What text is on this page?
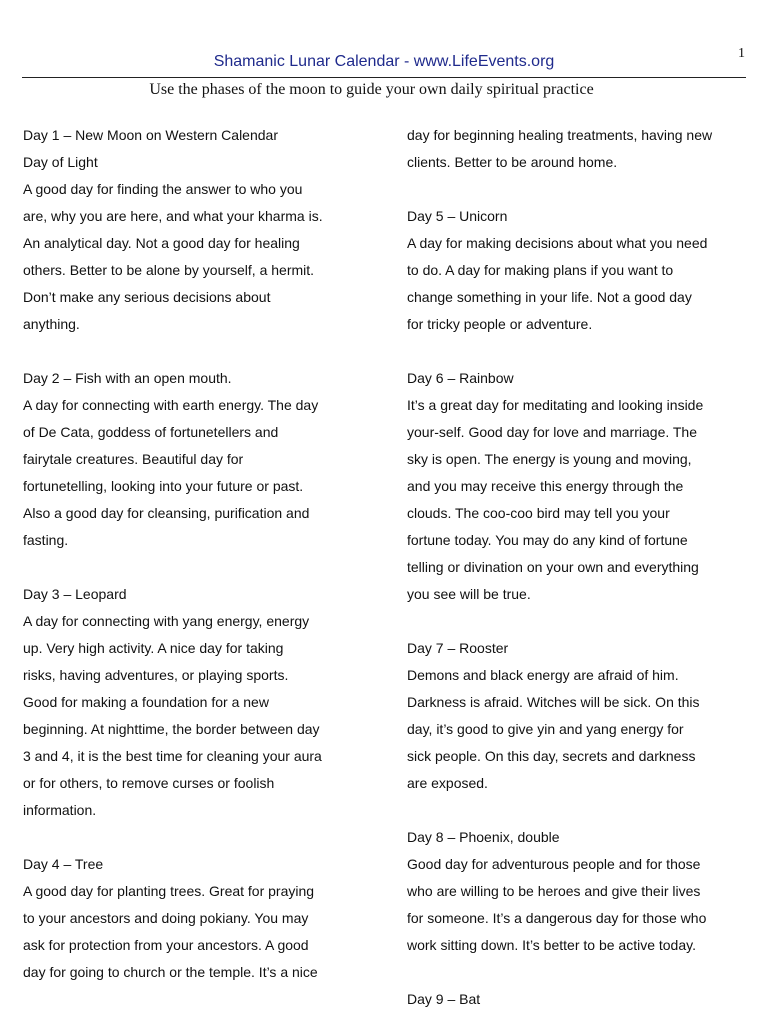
1
Shamanic Lunar Calendar - www.LifeEvents.org
Use the phases of the moon to guide your own daily spiritual practice
Day 1 – New Moon on Western Calendar
Day of Light
A good day for finding the answer to who you
are, why you are here, and what your kharma is.
An analytical day. Not a good day for healing
others. Better to be alone by yourself, a hermit.
Don’t make any serious decisions about
anything.
Day 2 – Fish with an open mouth.
A day for connecting with earth energy. The day
of De Cata, goddess of fortunetellers and
fairytale creatures. Beautiful day for
fortunetelling, looking into your future or past.
Also a good day for cleansing, purification and
fasting.
Day 3 – Leopard
A day for connecting with yang energy, energy
up. Very high activity. A nice day for taking
risks, having adventures, or playing sports.
Good for making a foundation for a new
beginning. At nighttime, the border between day
3 and 4, it is the best time for cleaning your aura
or for others, to remove curses or foolish
information.
Day 4 – Tree
A good day for planting trees. Great for praying
to your ancestors and doing pokiany. You may
ask for protection from your ancestors. A good
day for going to church or the temple. It’s a nice
day for beginning healing treatments, having new
clients. Better to be around home.
Day 5 – Unicorn
A day for making decisions about what you need
to do. A day for making plans if you want to
change something in your life. Not a good day
for tricky people or adventure.
Day 6 – Rainbow
It’s a great day for meditating and looking inside
your-self. Good day for love and marriage. The
sky is open. The energy is young and moving,
and you may receive this energy through the
clouds. The coo-coo bird may tell you your
fortune today. You may do any kind of fortune
telling or divination on your own and everything
you see will be true.
Day 7 – Rooster
Demons and black energy are afraid of him.
Darkness is afraid. Witches will be sick. On this
day, it’s good to give yin and yang energy for
sick people. On this day, secrets and darkness
are exposed.
Day 8 – Phoenix, double
Good day for adventurous people and for those
who are willing to be heroes and give their lives
for someone. It’s a dangerous day for those who
work sitting down. It’s better to be active today.
Day 9 – Bat
